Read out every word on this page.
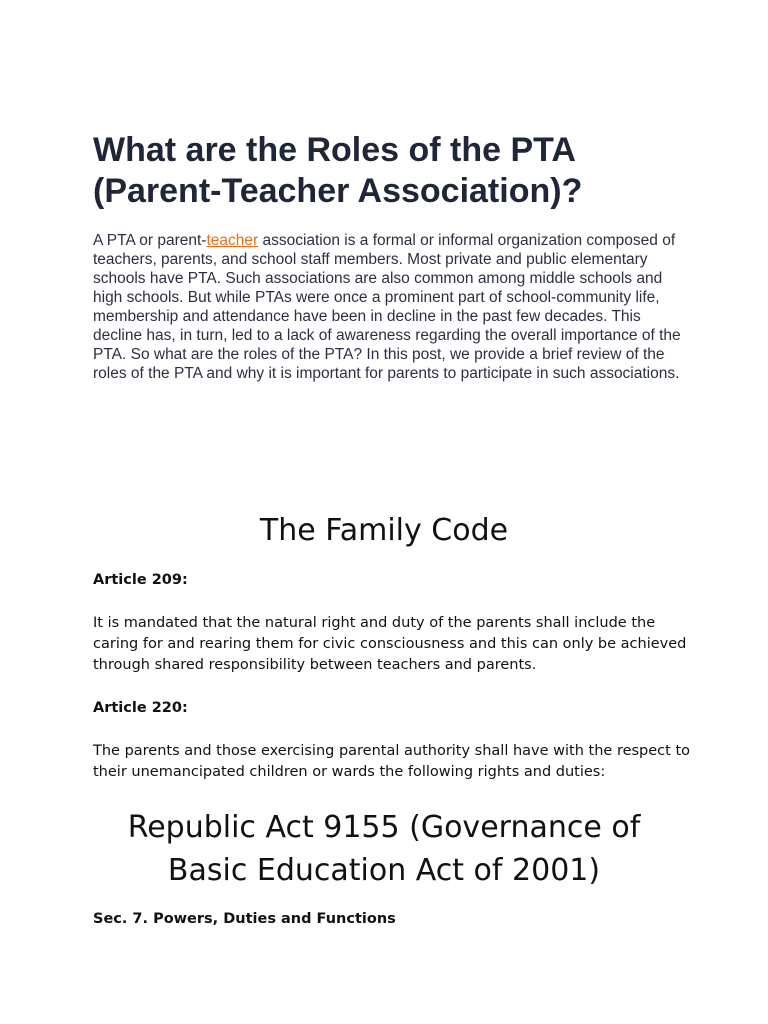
What are the Roles of the PTA
(Parent-Teacher Association)?

A PTA or parent-teacher association is a formal or informal organization composed of teachers, parents, and school staff members. Most private and public elementary schools have PTA. Such associations are also common among middle schools and high schools. But while PTAs were once a prominent part of school-community life, membership and attendance have been in decline in the past few decades. This decline has, in turn, led to a lack of awareness regarding the overall importance of the PTA. So what are the roles of the PTA? In this post, we provide a brief review of the roles of the PTA and why it is important for parents to participate in such associations.

The Family Code

Article 209:

It is mandated that the natural right and duty of the parents shall include the caring for and rearing them for civic consciousness and this can only be achieved through shared responsibility between teachers and parents.

Article 220:

The parents and those exercising parental authority shall have with the respect to their unemancipated children or wards the following rights and duties:

Republic Act 9155 (Governance of Basic Education Act of 2001)

Sec. 7. Powers, Duties and Functions
